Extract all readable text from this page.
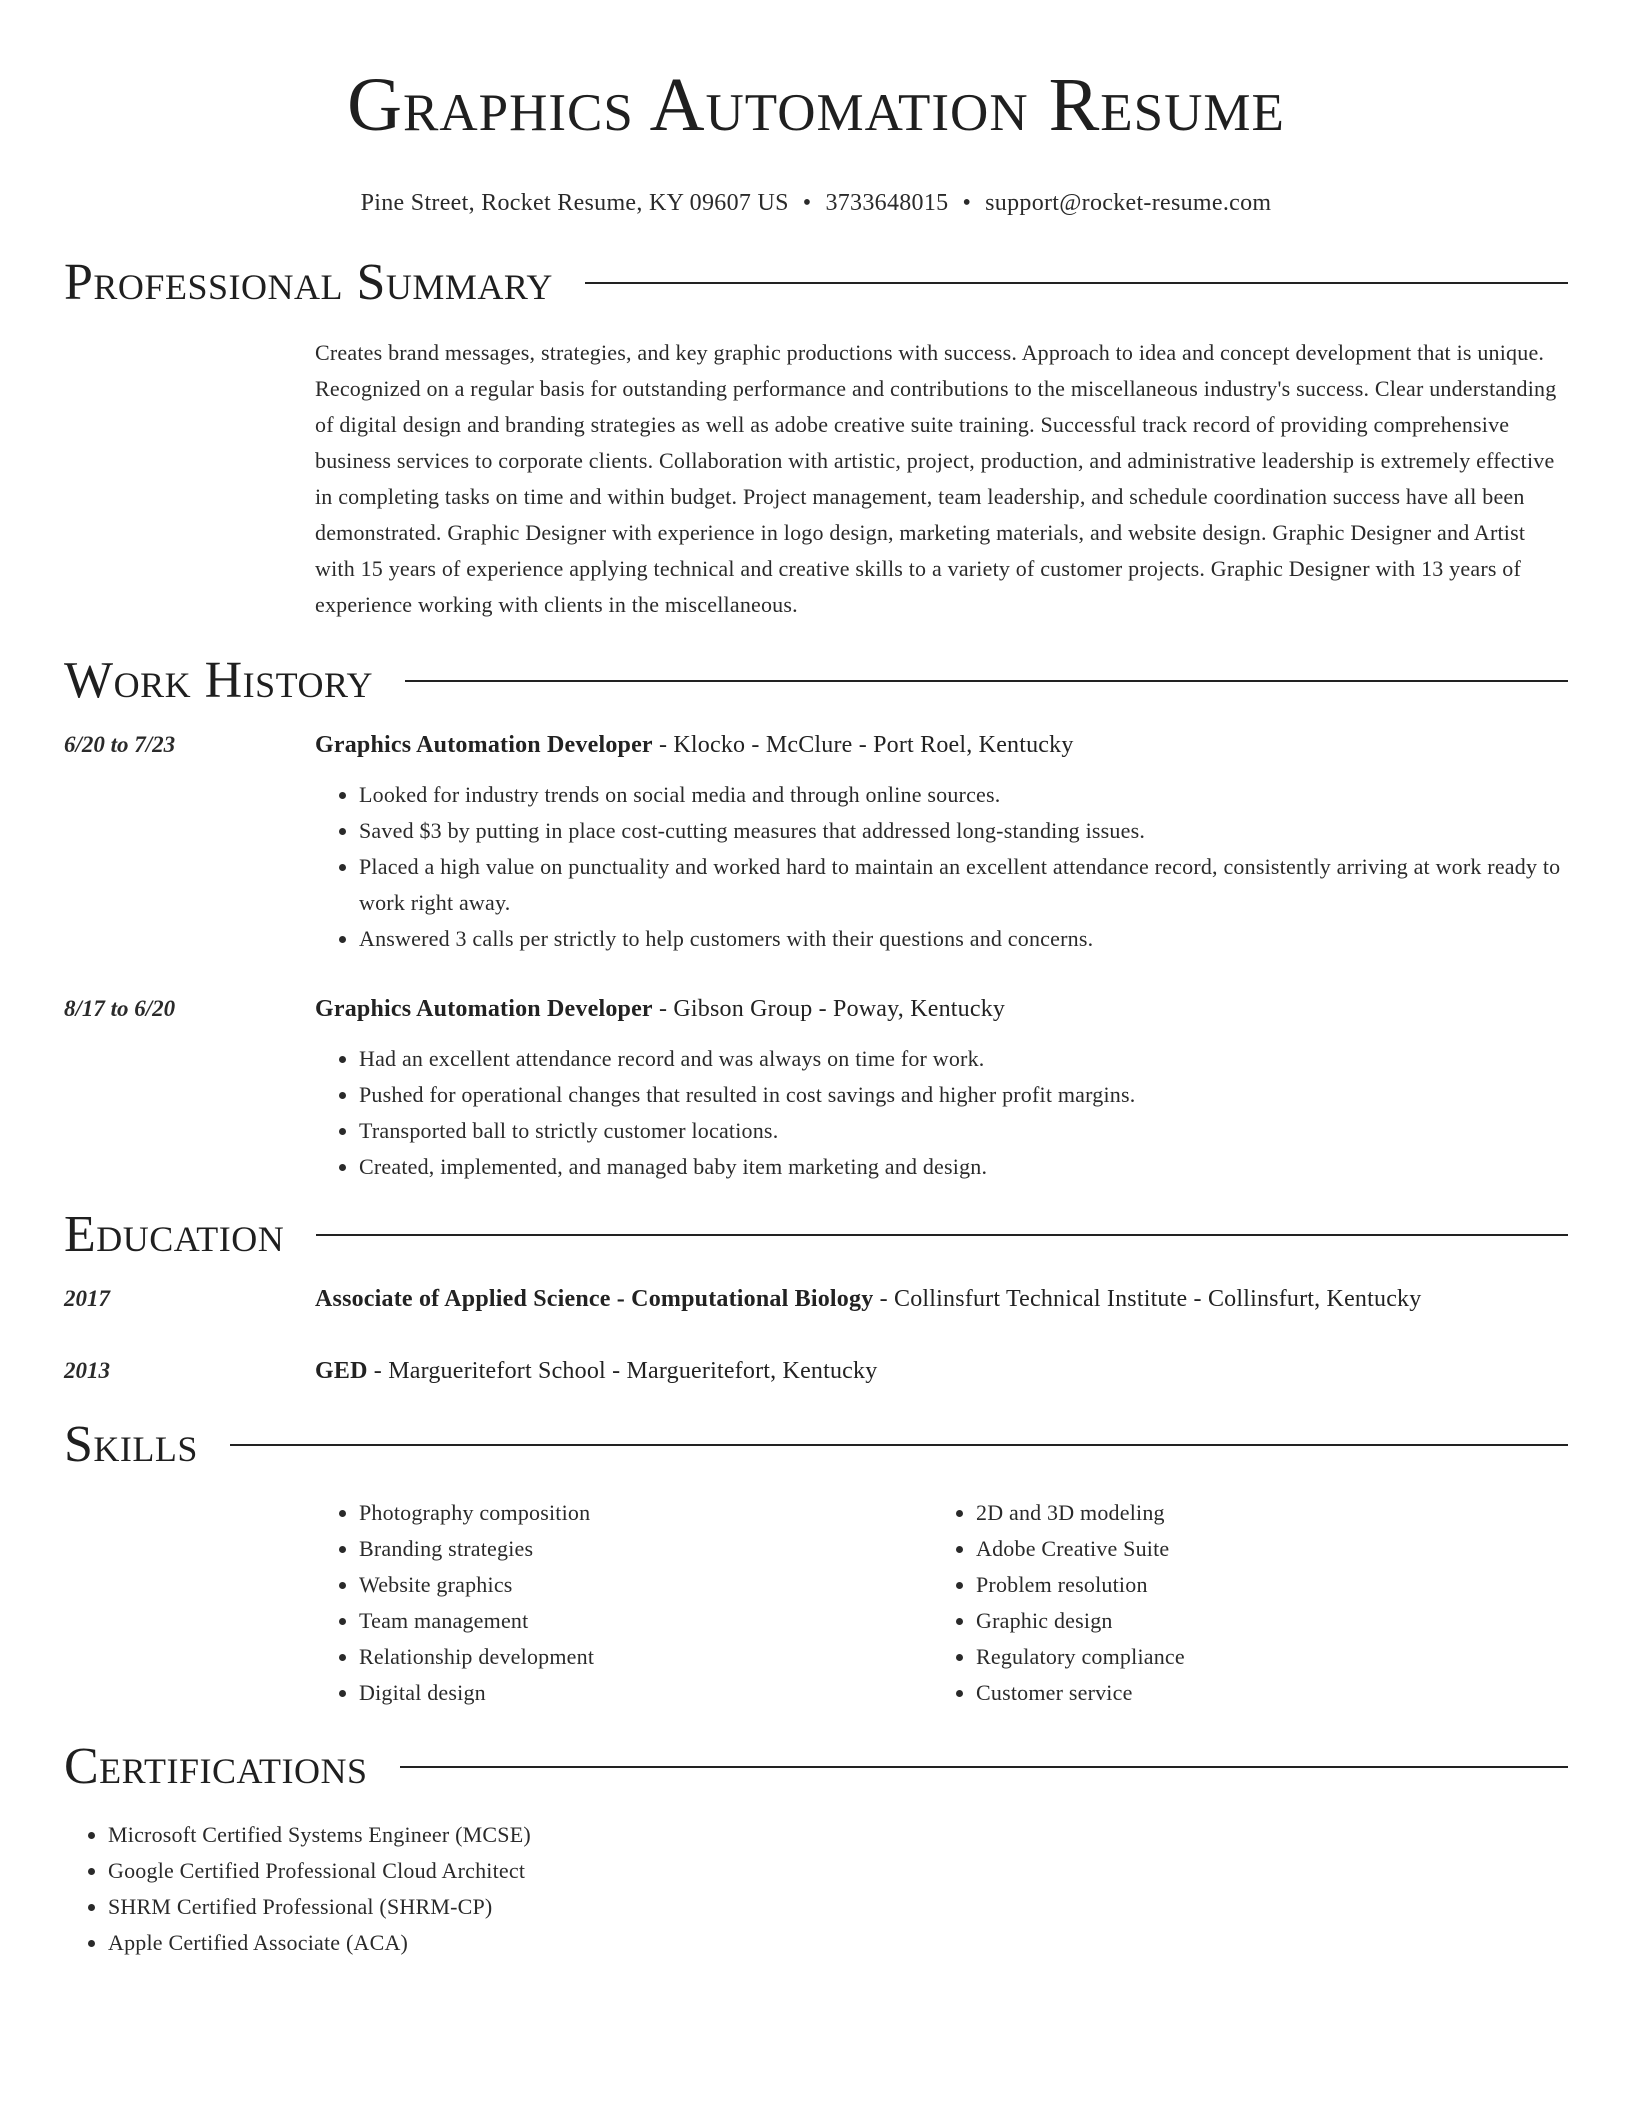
Graphics Automation Resume
Pine Street, Rocket Resume, KY 09607 US • 3733648015 • support@rocket-resume.com
Professional Summary

Creates brand messages, strategies, and key graphic productions with success. Approach to idea and concept development that is unique. Recognized on a regular basis for outstanding performance and contributions to the miscellaneous industry's success. Clear understanding of digital design and branding strategies as well as adobe creative suite training. Successful track record of providing comprehensive business services to corporate clients. Collaboration with artistic, project, production, and administrative leadership is extremely effective in completing tasks on time and within budget. Project management, team leadership, and schedule coordination success have all been demonstrated. Graphic Designer with experience in logo design, marketing materials, and website design. Graphic Designer and Artist with 15 years of experience applying technical and creative skills to a variety of customer projects. Graphic Designer with 13 years of experience working with clients in the miscellaneous.

Work History
6/20 to 7/23	Graphics Automation Developer - Klocko - McClure - Port Roel, Kentucky
• Looked for industry trends on social media and through online sources.
• Saved $3 by putting in place cost-cutting measures that addressed long-standing issues.
• Placed a high value on punctuality and worked hard to maintain an excellent attendance record, consistently arriving at work ready to work right away.
• Answered 3 calls per strictly to help customers with their questions and concerns.
8/17 to 6/20	Graphics Automation Developer - Gibson Group - Poway, Kentucky
• Had an excellent attendance record and was always on time for work.
• Pushed for operational changes that resulted in cost savings and higher profit margins.
• Transported ball to strictly customer locations.
• Created, implemented, and managed baby item marketing and design.
Education
2017	Associate of Applied Science - Computational Biology - Collinsfurt Technical Institute - Collinsfurt, Kentucky
2013	GED - Margueritefort School - Margueritefort, Kentucky
Skills
• Photography composition
• Branding strategies
• Website graphics
• Team management
• Relationship development
• Digital design
• 2D and 3D modeling
• Adobe Creative Suite
• Problem resolution
• Graphic design
• Regulatory compliance
• Customer service
Certifications
• Microsoft Certified Systems Engineer (MCSE)
• Google Certified Professional Cloud Architect
• SHRM Certified Professional (SHRM-CP)
• Apple Certified Associate (ACA)
